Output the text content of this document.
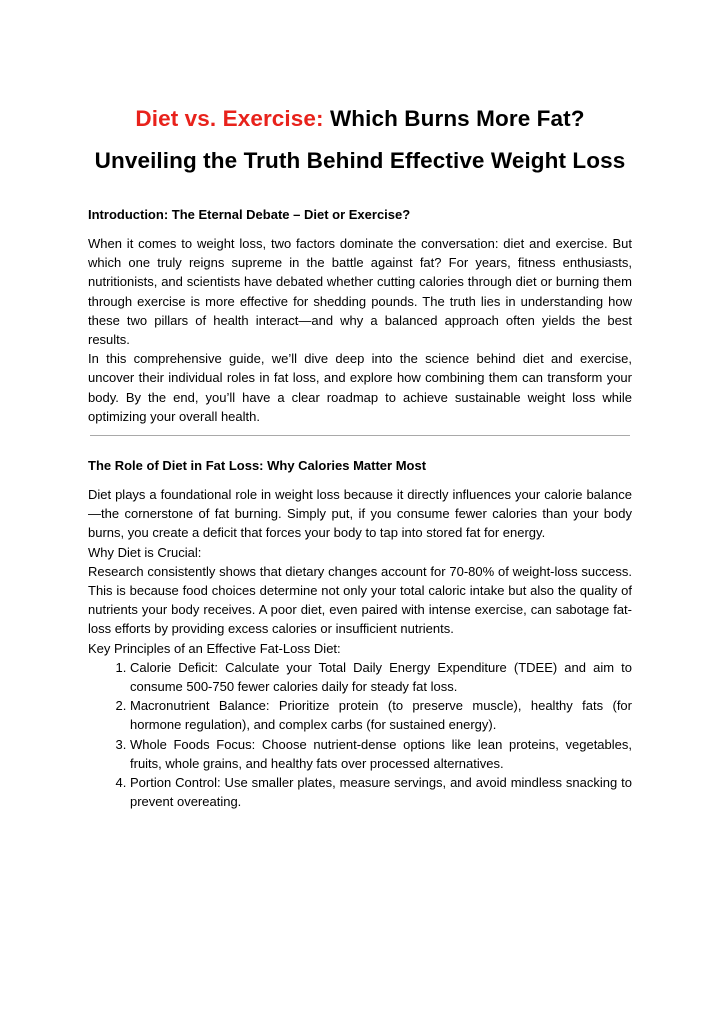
Diet vs. Exercise: Which Burns More Fat? Unveiling the Truth Behind Effective Weight Loss
Introduction: The Eternal Debate – Diet or Exercise?

When it comes to weight loss, two factors dominate the conversation: diet and exercise. But which one truly reigns supreme in the battle against fat? For years, fitness enthusiasts, nutritionists, and scientists have debated whether cutting calories through diet or burning them through exercise is more effective for shedding pounds. The truth lies in understanding how these two pillars of health interact—and why a balanced approach often yields the best results.

In this comprehensive guide, we’ll dive deep into the science behind diet and exercise, uncover their individual roles in fat loss, and explore how combining them can transform your body. By the end, you’ll have a clear roadmap to achieve sustainable weight loss while optimizing your overall health.

The Role of Diet in Fat Loss: Why Calories Matter Most

Diet plays a foundational role in weight loss because it directly influences your calorie balance—the cornerstone of fat burning. Simply put, if you consume fewer calories than your body burns, you create a deficit that forces your body to tap into stored fat for energy.

Why Diet is Crucial:

Research consistently shows that dietary changes account for 70-80% of weight-loss success. This is because food choices determine not only your total caloric intake but also the quality of nutrients your body receives. A poor diet, even paired with intense exercise, can sabotage fat-loss efforts by providing excess calories or insufficient nutrients.

Key Principles of an Effective Fat-Loss Diet:

1. Calorie Deficit: Calculate your Total Daily Energy Expenditure (TDEE) and aim to consume 500-750 fewer calories daily for steady fat loss.
2. Macronutrient Balance: Prioritize protein (to preserve muscle), healthy fats (for hormone regulation), and complex carbs (for sustained energy).
3. Whole Foods Focus: Choose nutrient-dense options like lean proteins, vegetables, fruits, whole grains, and healthy fats over processed alternatives.
4. Portion Control: Use smaller plates, measure servings, and avoid mindless snacking to prevent overeating.
